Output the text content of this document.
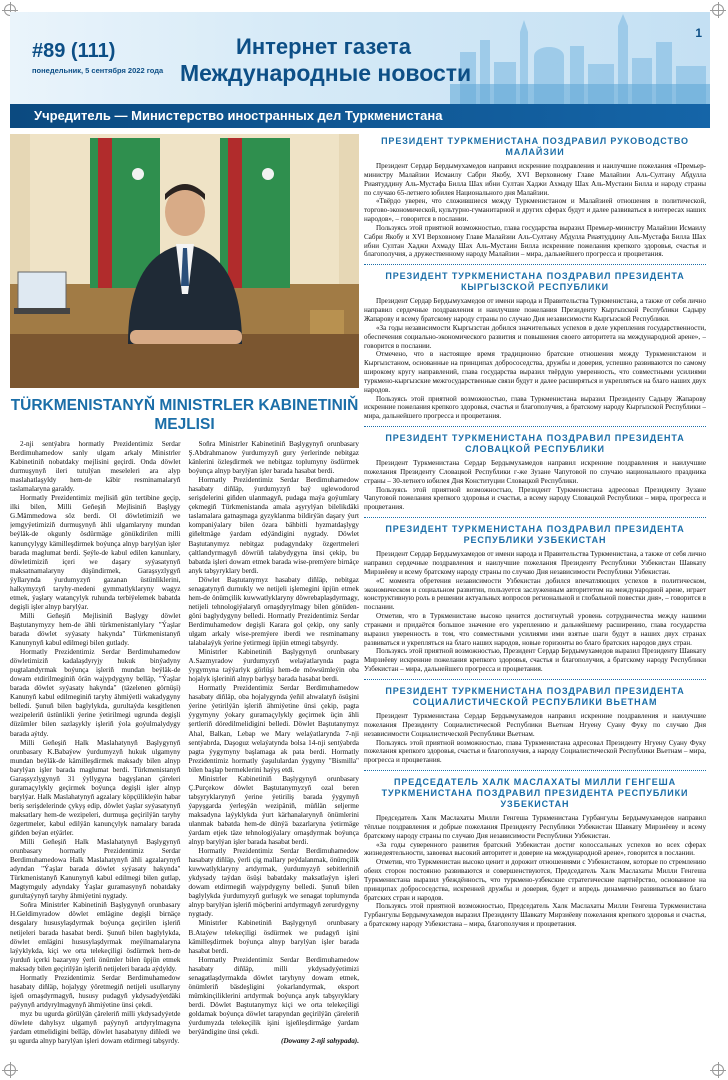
#89 (111)
понедельник, 5 сентября 2022 года
Интернет газета
Международные новости
1
Учредитель — Министерство иностранных дел Туркменистана
TÜRKMENISTANYŇ MINISTRLER KABINETINIŇ MEJLISI

2-nji sentýabra hormatly Prezidentimiz Serdar Berdimuhamedow sanly ulgam arkaly Ministrler Kabinetiniň nobatdaky mejlisini geçirdi. Onda döwlet durmuşynyň ileri tutulýan meseleleri ara alyp maslahatlaşyldy hem-de käbir resminamalaryň taslamalaryna garaldy.

Hormatly Prezidentimiz mejlisiň gün tertibine geçip, ilki bilen, Milli Geňeşiň Mejlisiniň Başlygy G.Mämmedowa söz berdi. Ol döwletimiziň we jemgyýetimiziň durmuşynyň ähli ulgamlaryny mundan beýläk-de okgunly ösdürmäge gönükdirilen milli kanunçylygy kämilleşdirmek boýunça alnyp barylýan işler barada maglumat berdi. Şeýle-de kabul edilen kanunlary, döwletimiziň içeri we daşary syýasatynyň maksatnamalaryny düşündirmek, Garaşsyzlygyň ýyllarynda ýurdumyzyň gazanan üstünliklerini, halkymyzyň taryhy-medeni gymmatlyklaryny wagyz etmek, ýaşlary watançylyk ruhunda terbiýelemek babatda degişli işler alnyp barylýar.

Milli Geňeşiň Mejlisiniň Başlygy döwlet Baştutanymyzy hem-de ähli türkmenistanlylary "Ýaşlar barada döwlet syýasaty hakynda" Türkmenistanyň Kanunynyň kabul edilmegi bilen gutlady.

Hormatly Prezidentimiz Serdar Berdimuhamedow döwletimiziň kadalaşdyryjy hukuk binýadyny pugtalandyrmak boýunça işleriň mundan beýläk-de dowam etdirilmeginiň örän wajypdygyny belläp, "Ýaşlar barada döwlet syýasaty hakynda" (täzelenen görnüşi) Kanunyň kabul edilmeginiň taryhy ähmiýetli wakadygyny belledi. Şunuň bilen baglylykda, gurultaýda kesgitlenen wezipeleriň üstünlikli ýerine ýetirilmegi ugrunda degişli düzümler bilen sazlaşykly işleriň ýola goýulmalydygy barada aýtdy.

Milli Geňeşiň Halk Maslahatynyň Başlygynyň orunbasary K.Babaýew ýurdumyzyň hukuk ulgamyny mundan beýläk-de kämilleşdirmek maksady bilen alnyp barylýan işler barada maglumat berdi. Türkmenistanyň Garaşsyzlygynyň 31 ýyllygyna bagyşlanan çäreleri guramaçylykly geçirmek boýunça degişli işler alnyp barylýar. Halk Maslahatynyň agzalary köpçülikleýin habar beriş serişdelerinde çykyş edip, döwlet ýaşlar syýasatynyň maksatlary hem-de wezipeleri, durmuşa geçirilýän taryhy özgertmeler, kabul edilýän kanunçylyk namalary barada giňden beýan etýärler.

Milli Geňeşiň Halk Maslahatynyň Başlygynyň orunbasary hormatly Prezidentimiz Serdar Berdimuhamedowa Halk Maslahatynyň ähli agzalarynyň adyndan "Ýaşlar barada döwlet syýasaty hakynda" Türkmenistanyň Kanunynyň kabul edilmegi bilen gutlap, Magtymguly adyndaky Ýaşlar guramasynyň nobatdaky gurultaýynyň taryhy ähmiýetini nygtady.

Soňra Ministrler Kabinetiniň Başlygynyň orunbasary H.Geldimyradow döwlet emlägine degişli birnäçe desgalary hususylaşdyrmak boýunça geçirilen işleriň netijeleri barada hasabat berdi. Şunuň bilen baglylykda, döwlet emlägini hususylaşdyrmak meýilnamalaryna laýyklykda, kiçi we orta telekeçiligi ösdürmek hem-de ýurduň içerki bazaryny ýerli önümler bilen üpjün etmek maksady bilen geçirilýän işleriň netijeleri barada aýdyldy.

Hormatly Prezidentimiz Serdar Berdimuhamedow hasabaty diňläp, hojalygy ýöretmegiň netijeli usullaryny işjeň ornaşdyrmagyň, hususy pudagyň ykdysadyýetdäki paýynyň artdyrylmagynyň ähmiýetine ünsi çekdi.

myz bu ugurda görülýän çäreleriň milli ykdysadyýetde döwlete dahylsyz ulgamyň paýynyň artdyrylmagyna ýardam etmelidigini belläp, döwlet hasabatyny diňledi we şu ugurda alnyp barylýan işleri dowam etdirmegi tabşyrdy.

Soňra Ministrler Kabinetiniň Başlygynyň orunbasary Ş.Abdrahmanow ýurdumyzyň gury ýerlerinde nebitgaz känlerini özleşdirmek we nebitgaz toplumyny ösdürmek boýunça alnyp barylýan işler barada hasabat berdi.

Hormatly Prezidentimiz Serdar Berdimuhamedow hasabaty diňläp, ýurdumyzyň baý uglewodorod serişdelerini giňden ulanmagyň, pudaga maýa goýumlary çekmegiň Türkmenistanda amala aşyrylýan bilelikdäki taslamalara gatnaşmaga gyzyklanma bildirýän daşary ýurt kompaniýalary bilen özara bähbitli hyzmatdaşlygy giňeltmäge ýardam edýändigini nygtady. Döwlet Baştutanymyz nebitgaz pudagyndaky özgertmeleri çaltlandyrmagyň döwrüň talabydygyna ünsi çekip, bu babatda işleri dowam etmek barada wise-premýere birnäçe anyk tabşyryklary berdi.

Döwlet Baştutanymyz hasabaty diňläp, nebitgaz senagatynyň durnukly we netijeli işlemegini üpjün etmek hem-de önümçilik kuwwatlyklaryny döwrebaplaşdyrmagy, netijeli tehnologiýalaryň ornaşdyrylmagy bilen gönüden-göni baglydygyny belledi. Hormatly Prezidentimiz Serdar Berdimuhamedow degişli Karara gol çekip, ony sanly ulgam arkaly wise-premýere iberdi we resminamany talabalaýyk ýerine ýetirmegi üpjün etmegi tabşyrdy.

Ministrler Kabinetiniň Başlygynyň orunbasary A.Sazmyradow ýurdumyzyň welaýatlarynda pagta ýygymyna taýýarlyk görlüşi hem-de möwsümleýin oba hojalyk işleriniň alnyp barlyşy barada hasabat berdi.

Hormatly Prezidentimiz Serdar Berdimuhamedow hasabaty diňläp, oba hojalygynda ýeňil ahwalatyň ösüşini ýerine ýetirilýän işleriň ähmiýetine ünsi çekip, pagta ýygymyny ýokary guramaçylykly geçirmek üçin ähli şertleriň döredilmelidigini belledi. Döwlet Baştutanymyz Ahal, Balkan, Lebap we Mary welaýatlarynda 7-nji sentýabrda, Daşoguz welaýatynda bolsa 14-nji sentýabrda pagta ýygymyny başlamaga ak pata berdi. Hormatly Prezidentimiz hormatly ýaşululardan ýygymy "Bismilla" bilen başlap bermeklerini haýyş etdi.

Ministrler Kabinetiniň Başlygynyň orunbasary Ç.Purçekow döwlet Baştutanymyzyň ozal beren tabşyryklarynyň ýerine ýetiriliş barada ýygymyň ýapyşgarda ýerleşýän wezipäniň, müňlän seljerme maksadyna laýyklykda ýurt kärhanalarynyň önümlerini ulanmak babatda hem-de dünýä bazarlaryna ýetirmäge ýardam etjek täze tehnologiýalary ornaşdyrmak boýunça alnyp barylýan işler barada hasabat berdi.

Hormatly Prezidentimiz Serdar Berdimuhamedow hasabaty diňläp, ýerli çig mallary peýdalanmak, önümçilik kuwwatlyklaryny artdyrmak, ýurdumyzyň sebitleriniň ykdysady taýdan ösüşi babatdaky maksatlaýyn işleri dowam etdirmegiň wajypdygyny belledi. Şunuň bilen baglylykda ýurdumyzyň gurluşyk we senagat toplumynda alnyp barylýan işleriň möçberini artdyrmagyň zerurdygyny nygtady.

Ministrler Kabinetiniň Başlygynyň orunbasary B.Ataýew telekeçiligi ösdürmek we pudagyň işini kämilleşdirmek boýunça alnyp barylýan işler barada hasabat berdi.

Hormatly Prezidentimiz Serdar Berdimuhamedow hasabaty diňläp, milli ykdysadyýetimizi senagatlaşdyrmakda döwlet taryhyny dowam etmek, önümleriň bäsdeşligini ýokarlandyrmak, eksport mümkinçiliklerini artdyrmak boýunça anyk tabşyryklary berdi. Döwlet Baştutanymyz kiçi we orta telekeçiligi goldamak boýunça döwlet tarapyndan geçirilýän çäreleriň ýurdumyzda telekeçilik işini işjeňleşdirmäge ýardam berýändigine ünsi çekdi.

(Dowamy 2-nji sahypada).

ПРЕЗИДЕНТ ТУРКМЕНИСТАНА ПОЗДРАВИЛ РУКОВОДСТВО МАЛАЙЗИИ

Президент Сердар Бердымухамедов направил искренние поздравления и наилучшие пожелания «Премьер-министру Малайзии Исмаилу Сабри Якобу, XVI Верховному Главе Малайзии Аль-Султану Абдулла Риаятуддину Аль-Мустафа Билла Шах ибни Султан Хаджи Ахмаду Шах Аль-Мустаин Билла и народу страны по случаю 65-летнего юбилея Национального дня Малайзии.

«Твёрдо уверен, что сложившиеся между Туркменистаном и Малайзией отношения в политической, торгово-экономической, культурно-гуманитарной и других сферах будут и далее развиваться в интересах наших народов», – говорится в послании.

Пользуясь этой приятной возможностью, глава государства выразил Премьер-министру Малайзии Исмаилу Сабри Якобу и XVI Верховному Главе Малайзии Аль-Султану Абдулла Риаятуддину Аль-Мустафа Билла Шах ибни Султан Хаджи Ахмаду Шах Аль-Мустаин Билла искренние пожелания крепкого здоровья, счастья и благополучия, а дружественному народу Малайзии – мира, дальнейшего прогресса и процветания.

ПРЕЗИДЕНТ ТУРКМЕНИСТАНА ПОЗДРАВИЛ ПРЕЗИДЕНТА КЫРГЫЗСКОЙ РЕСПУБЛИКИ

Президент Сердар Бердымухамедов от имени народа и Правительства Туркменистана, а также от себя лично направил сердечные поздравления и наилучшие пожелания Президенту Кыргызской Республики Садыру Жапарову и всему братскому народу страны по случаю Дня независимости Кыргызской Республики.

«За годы независимости Кыргызстан добился значительных успехов в деле укрепления государственности, обеспечения социально-экономического развития и повышения своего авторитета на международной арене», – говорится в послании.

Отмечено, что в настоящее время традиционно братские отношения между Туркменистаном и Кыргызстаном, основанные на принципах добрососедства, дружбы и доверия, успешно развиваются по самому широкому кругу направлений, глава государства выразил твёрдую уверенность, что совместными усилиями туркмено-кыргызские межгосударственные связи будут и далее расширяться и укрепляться на благо наших двух народов.

Пользуясь этой приятной возможностью, глава Туркменистана выразил Президенту Садыру Жапарову искренние пожелания крепкого здоровья, счастья и благополучия, а братскому народу Кыргызской Республики – мира, дальнейшего прогресса и процветания.

ПРЕЗИДЕНТ ТУРКМЕНИСТАНА ПОЗДРАВИЛ ПРЕЗИДЕНТА СЛОВАЦКОЙ РЕСПУБЛИКИ

Президент Туркменистана Сердар Бердымухамедов направил искренние поздравления и наилучшие пожелания Президенту Словацкой Республики г-же Зузане Чапутовой по случаю национального праздника страны – 30-летнего юбилея Дня Конституции Словацкой Республики.

Пользуясь этой приятной возможностью, Президент Туркменистана адресовал Президенту Зузане Чапутовой пожелания крепкого здоровья и счастья, а всему народу Словацкой Республики – мира, прогресса и процветания.

ПРЕЗИДЕНТ ТУРКМЕНИСТАНА ПОЗДРАВИЛ ПРЕЗИДЕНТА РЕСПУБЛИКИ УЗБЕКИСТАН

Президент Сердар Бердымухамедов от имени народа и Правительства Туркменистана, а также от себя лично направил сердечные поздравления и наилучшие пожелания Президенту Республики Узбекистан Шавкату Мирзиёеву и всему братскому народу страны по случаю Дня независимости Республики Узбекистан.

«С момента обретения независимости Узбекистан добился впечатляющих успехов в политическом, экономическом и социальном развитии, пользуется заслуженным авторитетом на международной арене, играет конструктивную роль в решении актуальных вопросов региональной и глобальной повестки дня», – говорится в послании.

Отметив, что в Туркменистане высоко ценится достигнутый уровень сотрудничества между нашими странами и придаётся большое значение его укреплению и дальнейшему расширению, глава государства выразил уверенность в том, что совместными усилиями ими взятые шаги будут в наших двух странах развиваться и укрепляться на благо наших народов, новые горизонты во благо братских народов двух стран.

Пользуясь этой приятной возможностью, Президент Сердар Бердымухамедов выразил Президенту Шавкату Мирзиёеву искренние пожелания крепкого здоровья, счастья и благополучия, а братскому народу Республики Узбекистан – мира, дальнейшего прогресса и процветания.

ПРЕЗИДЕНТ ТУРКМЕНИСТАНА ПОЗДРАВИЛ ПРЕЗИДЕНТА СОЦИАЛИСТИЧЕСКОЙ РЕСПУБЛИКИ ВЬЕТНАМ

Президент Туркменистана Сердар Бердымухамедов направил искренние поздравления и наилучшие пожелания Президенту Социалистической Республики Вьетнам Нгуену Суану Фуку по случаю Дня независимости Социалистической Республики Вьетнам.

Пользуясь этой приятной возможностью, глава Туркменистана адресовал Президенту Нгуену Суану Фуку пожелания крепкого здоровья, счастья и благополучия, а народу Социалистической Республики Вьетнам – мира, прогресса и процветания.

ПРЕДСЕДАТЕЛЬ ХАЛК МАСЛАХАТЫ МИЛЛИ ГЕНГЕША ТУРКМЕНИСТАНА ПОЗДРАВИЛ ПРЕЗИДЕНТА РЕСПУБЛИКИ УЗБЕКИСТАН

Председатель Халк Маслахаты Милли Генгеша Туркменистана Гурбангулы Бердымухамедов направил тёплые поздравления и добрые пожелания Президенту Республики Узбекистан Шавкату Мирзиёеву и всему братскому народу страны по случаю Дня независимости Республики Узбекистан.

«За годы суверенного развития братский Узбекистан достиг колоссальных успехов во всех сферах жизнедеятельности, завоевал высокий авторитет и доверие на международной арене», говорится в послании.

Отметив, что Туркменистан высоко ценит и дорожит отношениями с Узбекистаном, которые по стремлению обеих сторон постоянно развиваются и совершенствуются, Председатель Халк Маслахаты Милли Генгеша Туркменистана выразил убеждённость, что туркмено-узбекские стратегические партнёрство, основанное на принципах добрососедства, искренней дружбы и доверия, будет и впредь динамично развиваться во благо братских стран и народов.

Пользуясь этой приятной возможностью, Председатель Халк Маслахаты Милли Генгеша Туркменистана Гурбангулы Бердымухамедов выразил Президенту Шавкату Мирзиёеву пожелания крепкого здоровья и счастья, а братскому народу Узбекистана – мира, благополучия и процветания.
